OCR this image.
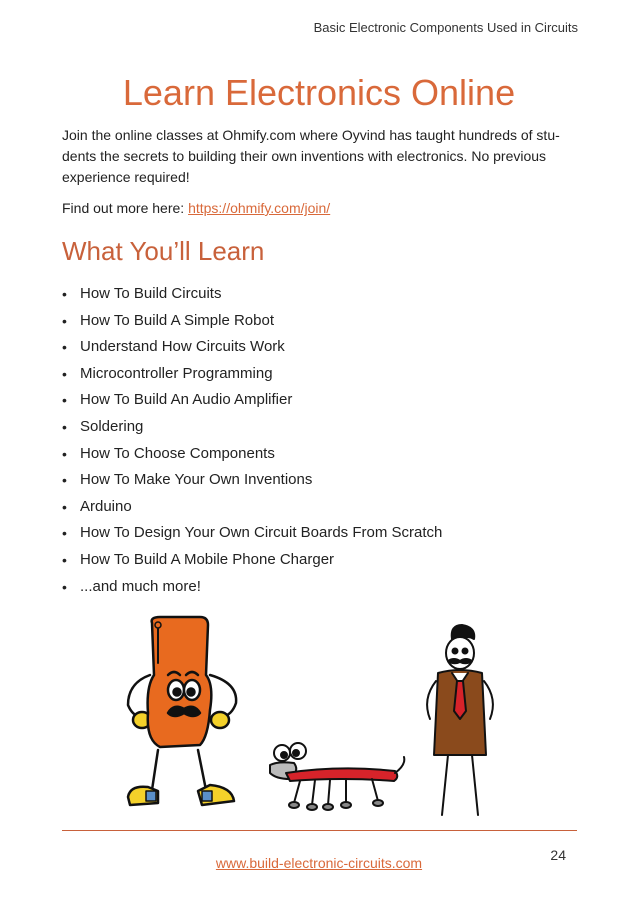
Basic Electronic Components Used in Circuits
Learn Electronics Online

Join the online classes at Ohmify.com where Oyvind has taught hundreds of stu-dents the secrets to building their own inventions with electronics. No previous experience required!

Find out more here: https://ohmify.com/join/

What You’ll Learn
• How To Build Circuits
• How To Build A Simple Robot
• Understand How Circuits Work
• Microcontroller Programming
• How To Build An Audio Amplifier
• Soldering
• How To Choose Components
• How To Make Your Own Inventions
• Arduino
• How To Design Your Own Circuit Boards From Scratch
• How To Build A Mobile Phone Charger
• ...and much more!
24
www.build-electronic-circuits.com
